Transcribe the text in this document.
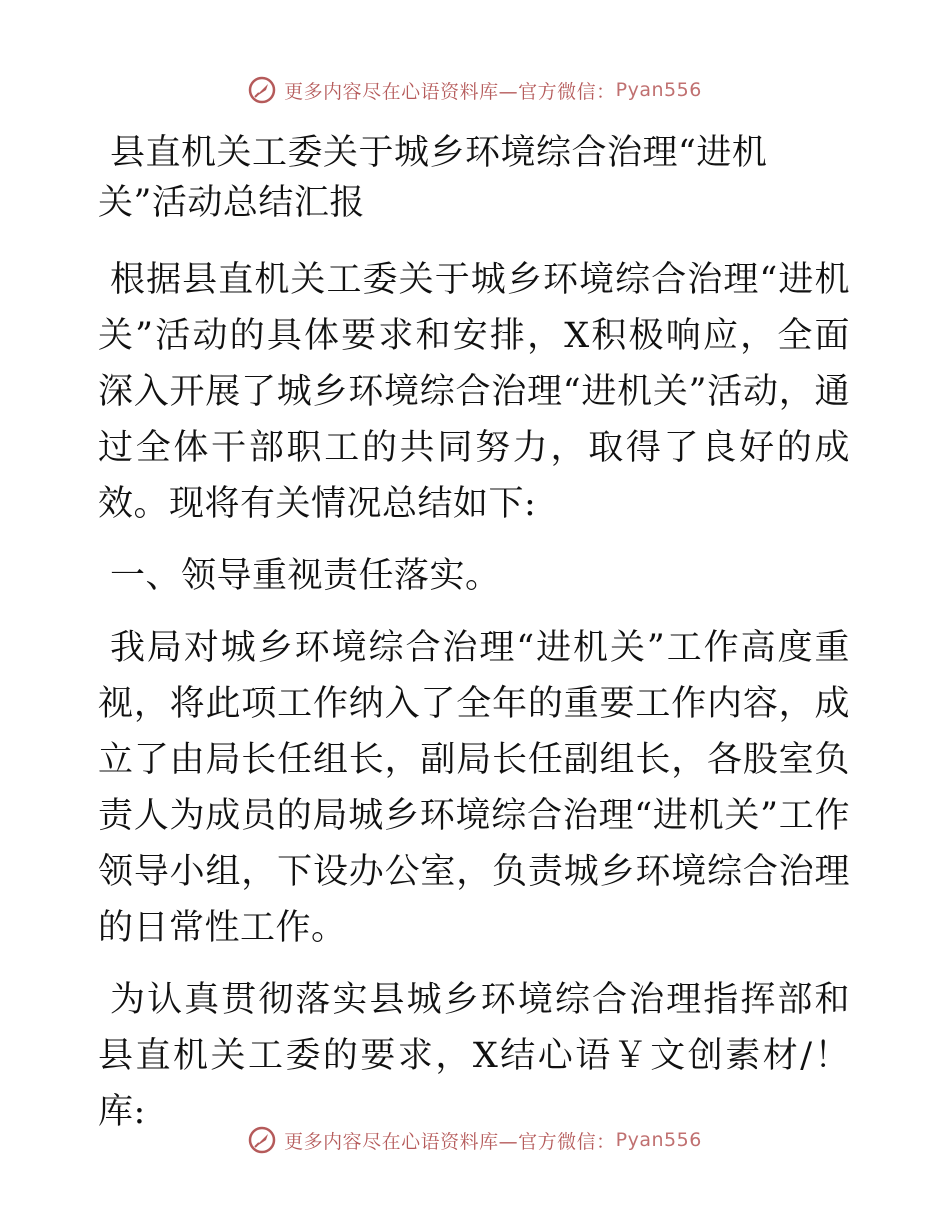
更多内容尽在心语资料库—官方微信： Pyan556
县直机关工委关于城乡环境综合治理“进机
关”活动总结汇报

根据县直机关工委关于城乡环境综合治理“进机关”活动的具体要求和安排，X积极响应，全面深入开展了城乡环境综合治理“进机关”活动，通过全体干部职工的共同努力，取得了良好的成效。现将有关情况总结如下:

一、领导重视责任落实。

我局对城乡环境综合治理“进机关”工作高度重视，将此项工作纳入了全年的重要工作内容，成立了由局长任组长，副局长任副组长，各股室负责人为成员的局城乡环境综合治理“进机关”工作领导小组，下设办公室，负责城乡环境综合治理的日常性工作。

为认真贯彻落实县城乡环境综合治理指挥部和县直机关工委的要求，X结心语￥文创素材/！库:

更多内容尽在心语资料库—官方微信： Pyan556
